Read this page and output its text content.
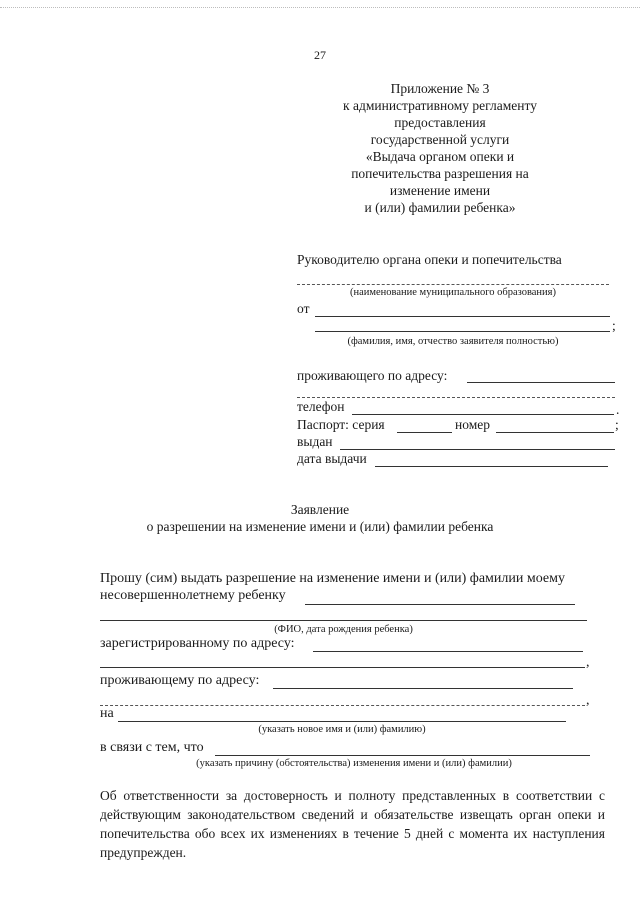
27
Приложение № 3
к административному регламенту
предоставления
государственной услуги
«Выдача органом опеки и
попечительства разрешения на
изменение имени
и (или) фамилии ребенка»
Руководителю органа опеки и попечительства
(наименование муниципального образования)
от
;
(фамилия, имя, отчество заявителя полностью)
проживающего по адресу:
телефон	.
Паспорт: серия	номер	;
выдан
дата выдачи
Заявление
о разрешении на изменение имени и (или) фамилии ребенка
Прошу (сим) выдать разрешение на изменение имени и (или) фамилии моему
несовершеннолетнему ребенку
(ФИО, дата рождения ребенка)
зарегистрированному по адресу:
,
проживающему по адресу:
,
на
(указать новое имя и (или) фамилию)
в связи с тем, что
(указать причину (обстоятельства) изменения имени и (или) фамилии)
Об ответственности за достоверность и полноту представленных в соответствии с действующим законодательством сведений и обязательстве извещать орган опеки и попечительства обо всех их изменениях в течение 5 дней с момента их наступления предупрежден.
